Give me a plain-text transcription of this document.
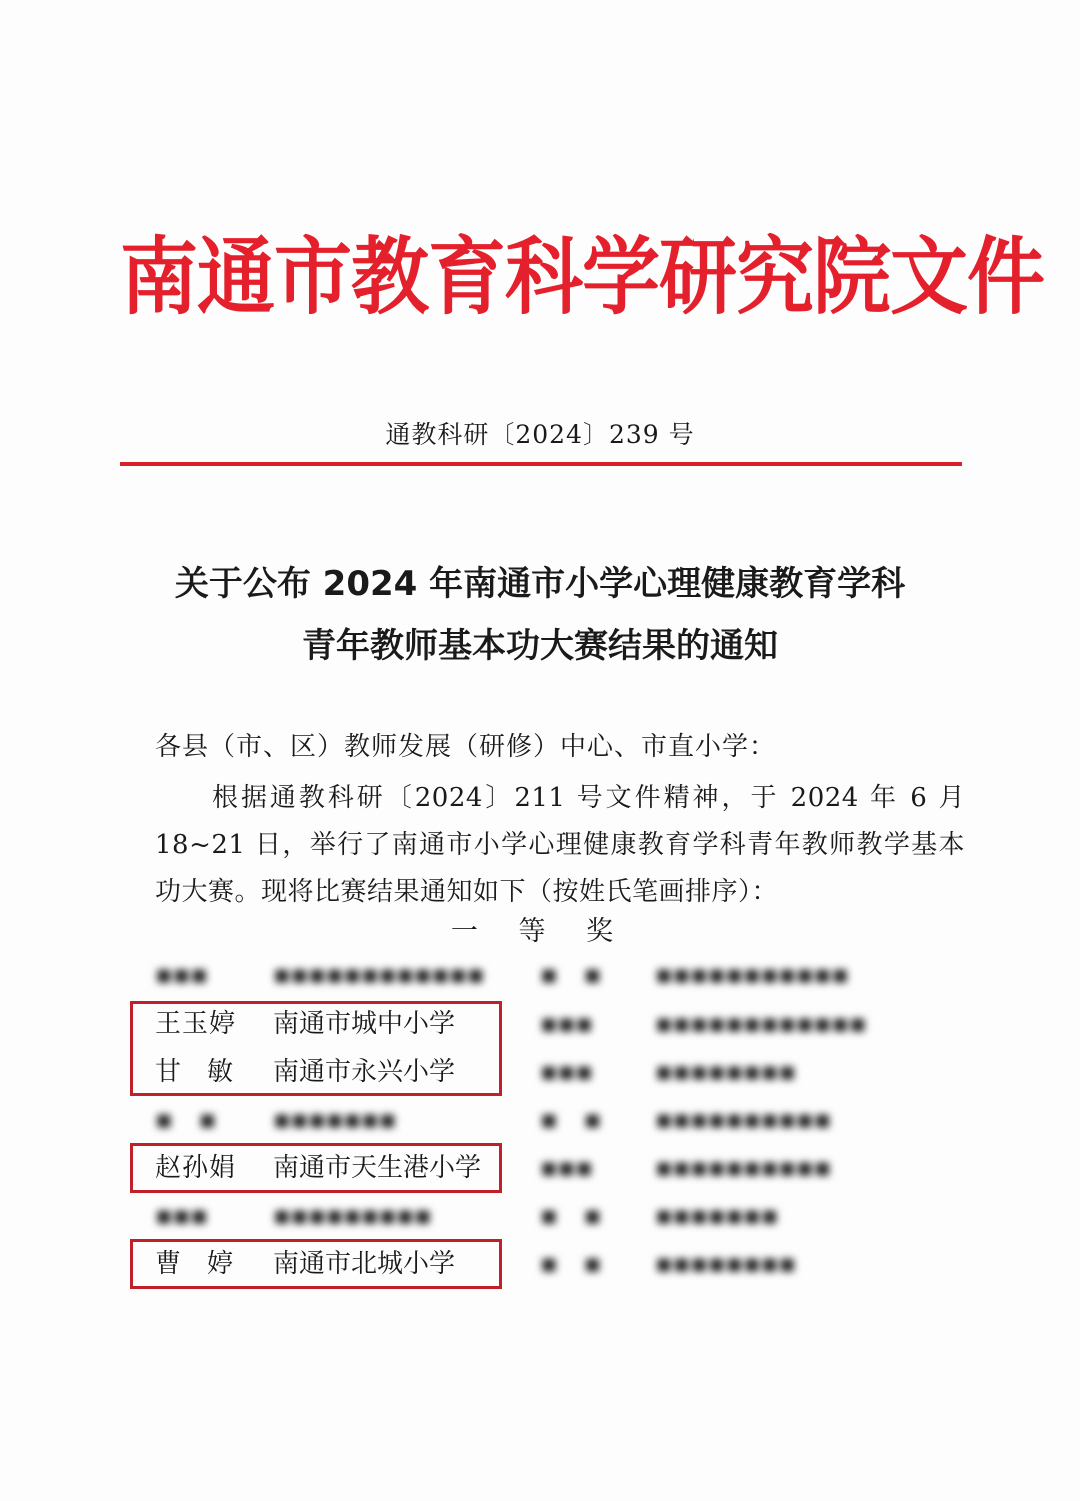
南通市教育科学研究院文件
通教科研〔2024〕239 号
关于公布 2024 年南通市小学心理健康教育学科
青年教师基本功大赛结果的通知
各县（市、区）教师发展（研修）中心、市直小学：
根据通教科研〔2024〕211 号文件精神，于 2024 年 6 月 18~21 日，举行了南通市小学心理健康教育学科青年教师教学基本功大赛。现将比赛结果通知如下（按姓氏笔画排序）：
一 等 奖
▪▪▪	▪▪▪▪▪▪▪▪▪▪▪▪ ▪　▪ ▪▪▪▪▪▪▪▪▪▪▪
王玉婷 南通市城中小学	▪▪▪ ▪▪▪▪▪▪▪▪▪▪▪▪
甘　敏 南通市永兴小学	▪▪▪ ▪▪▪▪▪▪▪▪
▪　▪ ▪▪▪▪▪▪▪	▪　▪ ▪▪▪▪▪▪▪▪▪▪
赵孙娟 南通市天生港小学 ▪▪▪ ▪▪▪▪▪▪▪▪▪▪
▪▪▪	▪▪▪▪▪▪▪▪▪	▪　▪ ▪▪▪▪▪▪▪
曹　婷 南通市北城小学	▪　▪ ▪▪▪▪▪▪▪▪
